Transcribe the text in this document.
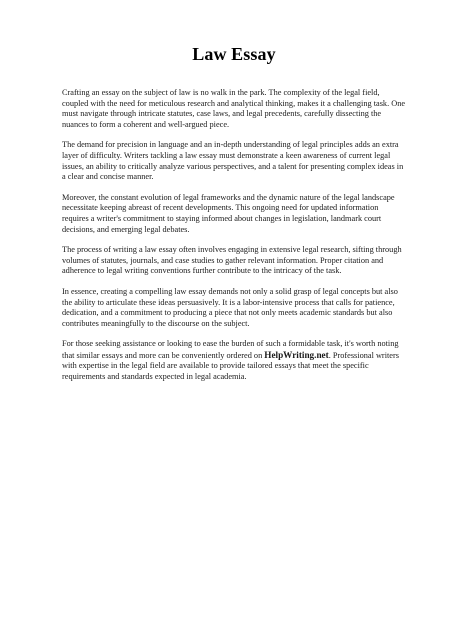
Law Essay

Crafting an essay on the subject of law is no walk in the park. The complexity of the legal field, coupled with the need for meticulous research and analytical thinking, makes it a challenging task. One must navigate through intricate statutes, case laws, and legal precedents, carefully dissecting the nuances to form a coherent and well-argued piece.

The demand for precision in language and an in-depth understanding of legal principles adds an extra layer of difficulty. Writers tackling a law essay must demonstrate a keen awareness of current legal issues, an ability to critically analyze various perspectives, and a talent for presenting complex ideas in a clear and concise manner.

Moreover, the constant evolution of legal frameworks and the dynamic nature of the legal landscape necessitate keeping abreast of recent developments. This ongoing need for updated information requires a writer's commitment to staying informed about changes in legislation, landmark court decisions, and emerging legal debates.

The process of writing a law essay often involves engaging in extensive legal research, sifting through volumes of statutes, journals, and case studies to gather relevant information. Proper citation and adherence to legal writing conventions further contribute to the intricacy of the task.

In essence, creating a compelling law essay demands not only a solid grasp of legal concepts but also the ability to articulate these ideas persuasively. It is a labor-intensive process that calls for patience, dedication, and a commitment to producing a piece that not only meets academic standards but also contributes meaningfully to the discourse on the subject.

For those seeking assistance or looking to ease the burden of such a formidable task, it's worth noting that similar essays and more can be conveniently ordered on HelpWriting.net. Professional writers with expertise in the legal field are available to provide tailored essays that meet the specific requirements and standards expected in legal academia.
